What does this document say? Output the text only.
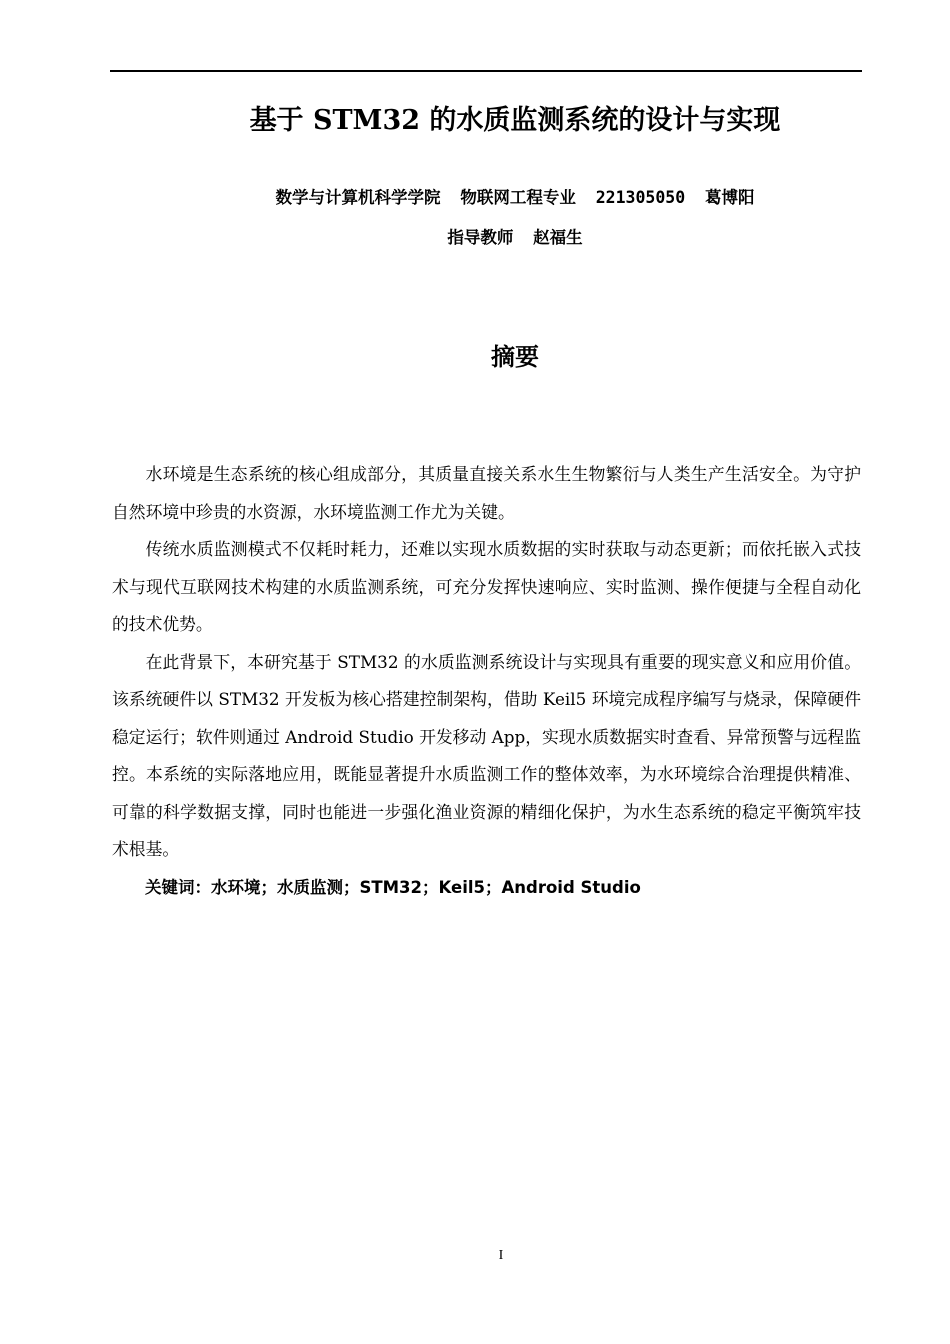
基于 STM32 的水质监测系统的设计与实现
数学与计算机科学学院  物联网工程专业  221305050  葛博阳
指导教师  赵福生
摘要

水环境是生态系统的核心组成部分，其质量直接关系水生生物繁衍与人类生产生活安全。为守护自然环境中珍贵的水资源，水环境监测工作尤为关键。

传统水质监测模式不仅耗时耗力，还难以实现水质数据的实时获取与动态更新；而依托嵌入式技术与现代互联网技术构建的水质监测系统，可充分发挥快速响应、实时监测、操作便捷与全程自动化的技术优势。

在此背景下，本研究基于 STM32 的水质监测系统设计与实现具有重要的现实意义和应用价值。该系统硬件以 STM32 开发板为核心搭建控制架构，借助 Keil5 环境完成程序编写与烧录，保障硬件稳定运行；软件则通过 Android Studio 开发移动 App，实现水质数据实时查看、异常预警与远程监控。本系统的实际落地应用，既能显著提升水质监测工作的整体效率，为水环境综合治理提供精准、可靠的科学数据支撑，同时也能进一步强化渔业资源的精细化保护，为水生态系统的稳定平衡筑牢技术根基。

关键词：水环境；水质监测；STM32；Keil5；Android Studio

I
